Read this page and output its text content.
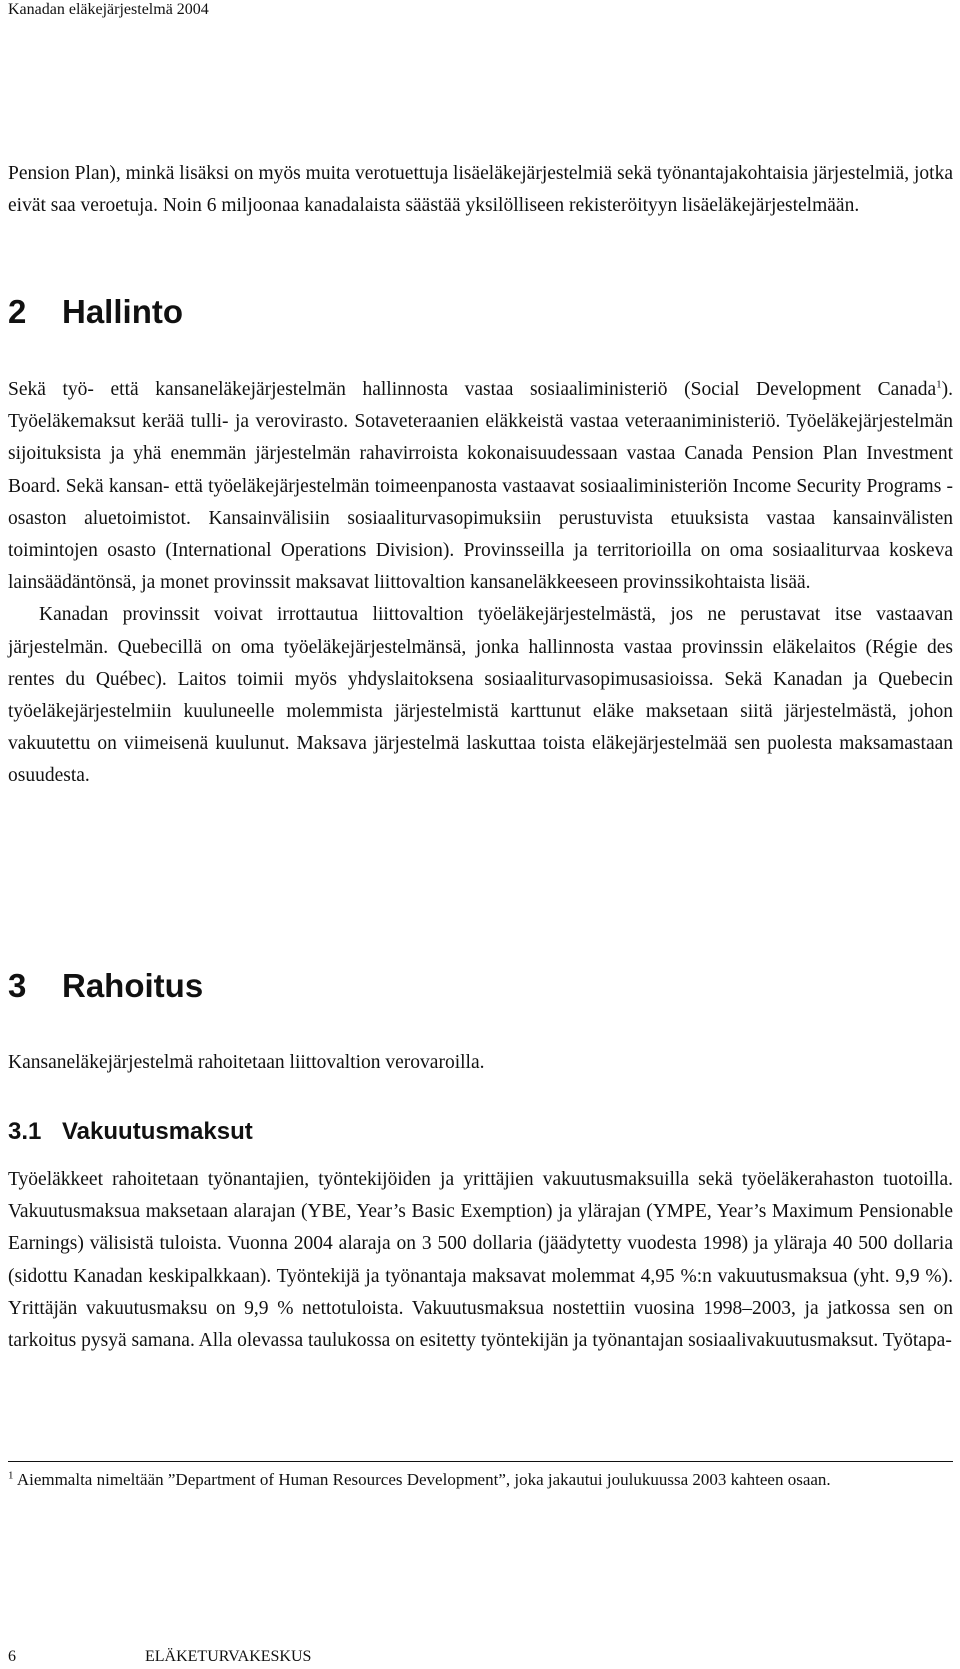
Kanadan eläkejärjestelmä 2004

Pension Plan), minkä lisäksi on myös muita verotuettuja lisäeläkejärjestelmiä sekä työnantajakohtaisia järjestelmiä, jotka eivät saa veroetuja. Noin 6 miljoonaa kanadalaista säästää yksilölliseen rekisteröityyn lisäeläkejärjestelmään.

2 Hallinto

Sekä työ- että kansaneläkejärjestelmän hallinnosta vastaa sosiaaliministeriö (Social Development Canada$^1$). Työeläkemaksut kerää tulli- ja verovirasto. Sotaveteraanien eläkkeistä vastaa veteraaniministeriö. Työeläkejärjestelmän sijoituksista ja yhä enemmän järjestelmän rahavirroista kokonaisuudessaan vastaa Canada Pension Plan Investment Board. Sekä kansan- että työeläkejärjestelmän toimeenpanosta vastaavat sosiaaliministeriön Income Security Programs -osaston aluetoimistot. Kansainvälisiin sosiaaliturvasopimuksiin perustuvista etuuksista vastaa kansainvälisten toimintojen osasto (International Operations Division). Provinsseilla ja territorioilla on oma sosiaaliturvaa koskeva lainsäädäntönsä, ja monet provinssit maksavat liittovaltion kansaneläkkeeseen provinssikohtaista lisää.

Kanadan provinssit voivat irrottautua liittovaltion työeläkejärjestelmästä, jos ne perustavat itse vastaavan järjestelmän. Quebecillä on oma työeläkejärjestelmänsä, jonka hallinnosta vastaa provinssin eläkelaitos (Régie des rentes du Québec). Laitos toimii myös yhdyslaitoksena sosiaaliturvasopimusasioissa. Sekä Kanadan ja Quebecin työeläkejärjestelmiin kuuluneelle molemmista järjestelmistä karttunut eläke maksetaan siitä järjestelmästä, johon vakuutettu on viimeisenä kuulunut. Maksava järjestelmä laskuttaa toista eläkejärjestelmää sen puolesta maksamastaan osuudesta.

3 Rahoitus

Kansaneläkejärjestelmä rahoitetaan liittovaltion verovaroilla.

3.1 Vakuutusmaksut

Työeläkkeet rahoitetaan työnantajien, työntekijöiden ja yrittäjien vakuutusmaksuilla sekä työeläkerahaston tuotoilla. Vakuutusmaksua maksetaan alarajan (YBE, Year’s Basic Exemption) ja ylärajan (YMPE, Year’s Maximum Pensionable Earnings) välisistä tuloista. Vuonna 2004 alaraja on 3 500 dollaria (jäädytetty vuodesta 1998) ja yläraja 40 500 dollaria (sidottu Kanadan keskipalkkaan). Työntekijä ja työnantaja maksavat molemmat 4,95 %:n vakuutusmaksua (yht. 9,9 %). Yrittäjän vakuutusmaksu on 9,9 % nettotuloista. Vakuutusmaksua nostettiin vuosina 1998–2003, ja jatkossa sen on tarkoitus pysyä samana. Alla olevassa taulukossa on esitetty työntekijän ja työnantajan sosiaalivakuutusmaksut. Työtapa-

$^1$ Aiemmalta nimeltään ”Department of Human Resources Development”, joka jakautui joulukuussa 2003 kahteen osaan.
6	ELÄKETURVAKESKUS
